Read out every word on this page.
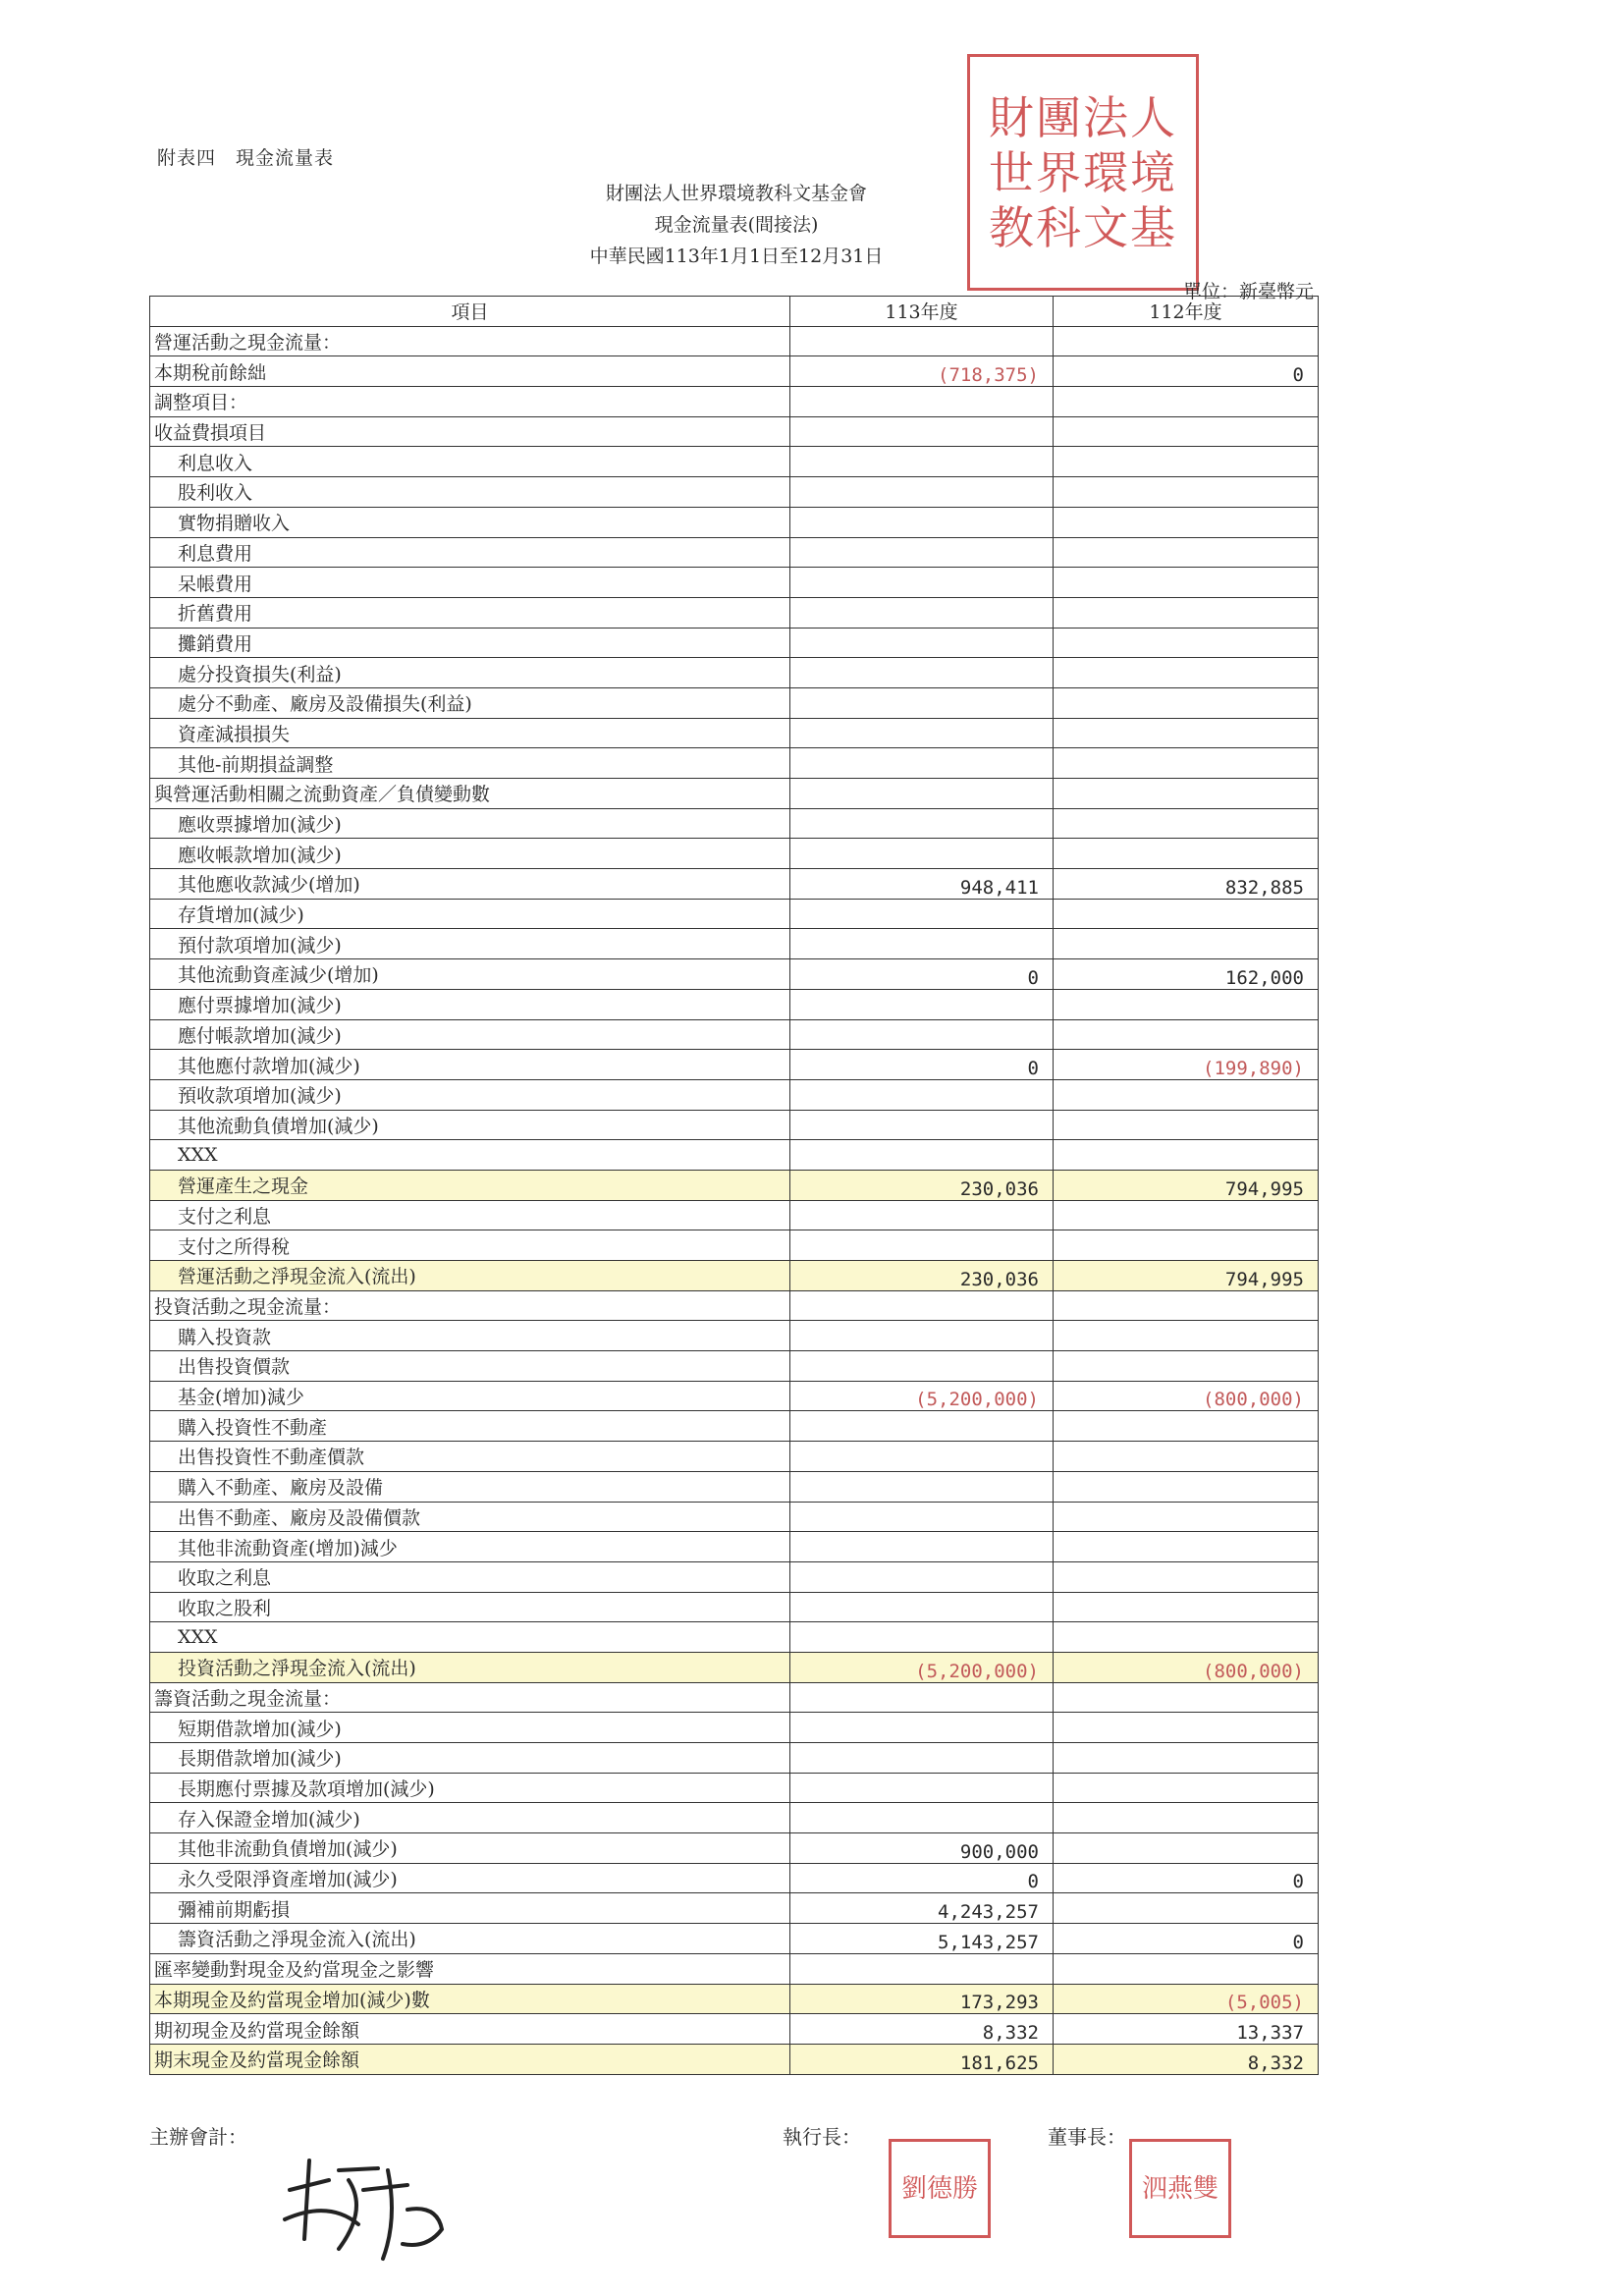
附表四　現金流量表
財團法人世界環境教科文基金會
現金流量表(間接法)
中華民國113年1月1日至12月31日
財團法人
世界環境
教科文基
單位：新臺幣元
項目	113年度	112年度
營運活動之現金流量：		
本期稅前餘絀	(718,375)	0
調整項目：		
收益費損項目		
利息收入		
股利收入		
實物捐贈收入		
利息費用		
呆帳費用		
折舊費用		
攤銷費用		
處分投資損失(利益)		
處分不動產、廠房及設備損失(利益)		
資產減損損失		
其他-前期損益調整		
與營運活動相關之流動資產／負債變動數		
應收票據增加(減少)		
應收帳款增加(減少)		
其他應收款減少(增加)	948,411	832,885
存貨增加(減少)		
預付款項增加(減少)		
其他流動資產減少(增加)	0	162,000
應付票據增加(減少)		
應付帳款增加(減少)		
其他應付款增加(減少)	0	(199,890)
預收款項增加(減少)		
其他流動負債增加(減少)		
XXX		
營運產生之現金	230,036	794,995
支付之利息		
支付之所得稅		
營運活動之淨現金流入(流出)	230,036	794,995
投資活動之現金流量：		
購入投資款		
出售投資價款		
基金(增加)減少	(5,200,000)	(800,000)
購入投資性不動產		
出售投資性不動產價款		
購入不動產、廠房及設備		
出售不動產、廠房及設備價款		
其他非流動資產(增加)減少		
收取之利息		
收取之股利		
XXX		
投資活動之淨現金流入(流出)	(5,200,000)	(800,000)
籌資活動之現金流量：		
短期借款增加(減少)		
長期借款增加(減少)		
長期應付票據及款項增加(減少)		
存入保證金增加(減少)		
其他非流動負債增加(減少)	900,000	
永久受限淨資產增加(減少)	0	0
彌補前期虧損	4,243,257	
籌資活動之淨現金流入(流出)	5,143,257	0
匯率變動對現金及約當現金之影響		
本期現金及約當現金增加(減少)數	173,293	(5,005)
期初現金及約當現金餘額	8,332	13,337
期末現金及約當現金餘額	181,625	8,332
主辦會計：	執行長：
劉德勝
董事長：
泗燕雙
